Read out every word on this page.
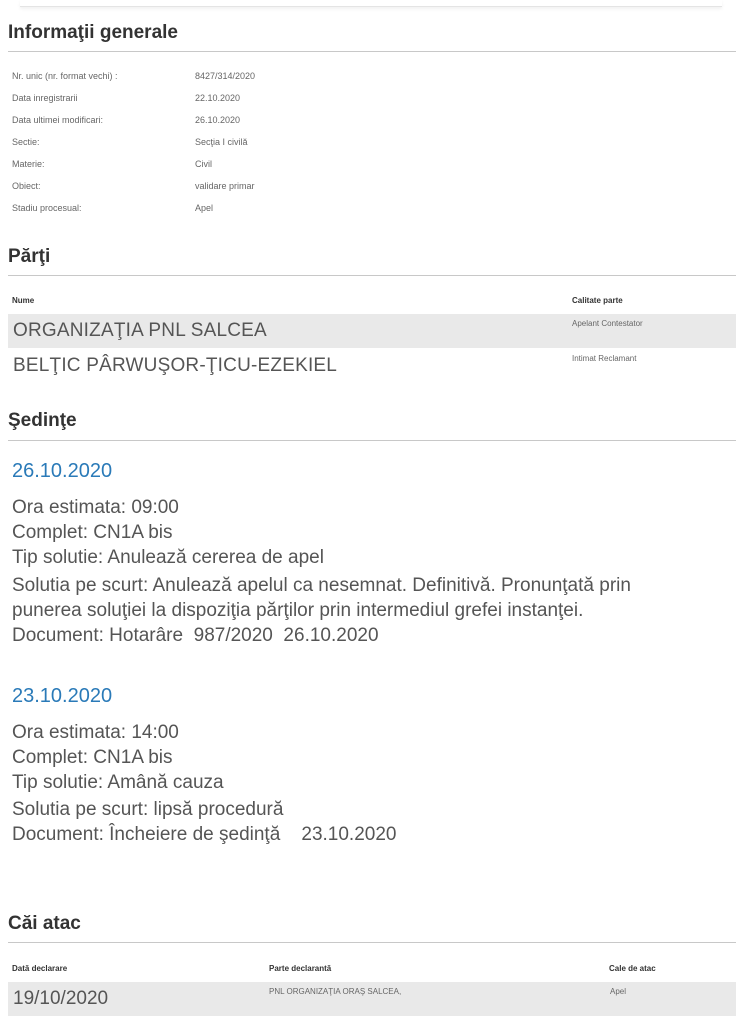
Informaţii generale
Nr. unic (nr. format vechi) :	8427/314/2020
Data inregistrarii	22.10.2020
Data ultimei modificari:	26.10.2020
Sectie:	Secţia I civilă
Materie:	Civil
Obiect:	validare primar
Stadiu procesual:	Apel
Părţi
Nume	Calitate parte
ORGANIZAŢIA PNL SALCEA	Apelant Contestator
BELŢIC PÂRWUŞOR-ŢICU-EZEKIEL	Intimat Reclamant
Şedinţe
26.10.2020
Ora estimata: 09:00
Complet: CN1A bis
Tip solutie: Anulează cererea de apel
Solutia pe scurt: Anulează apelul ca nesemnat. Definitivă. Pronunţată prin
punerea soluţiei la dispoziţia părţilor prin intermediul grefei instanţei.
Document: Hotarâre  987/2020  26.10.2020
23.10.2020
Ora estimata: 14:00
Complet: CN1A bis
Tip solutie: Amână cauza
Solutia pe scurt: lipsă procedură
Document: Încheiere de şedinţă    23.10.2020
Căi atac
Dată declarare	Parte declarantă	Cale de atac
19/10/2020	PNL ORGANIZAŢIA ORAŞ SALCEA,	Apel
